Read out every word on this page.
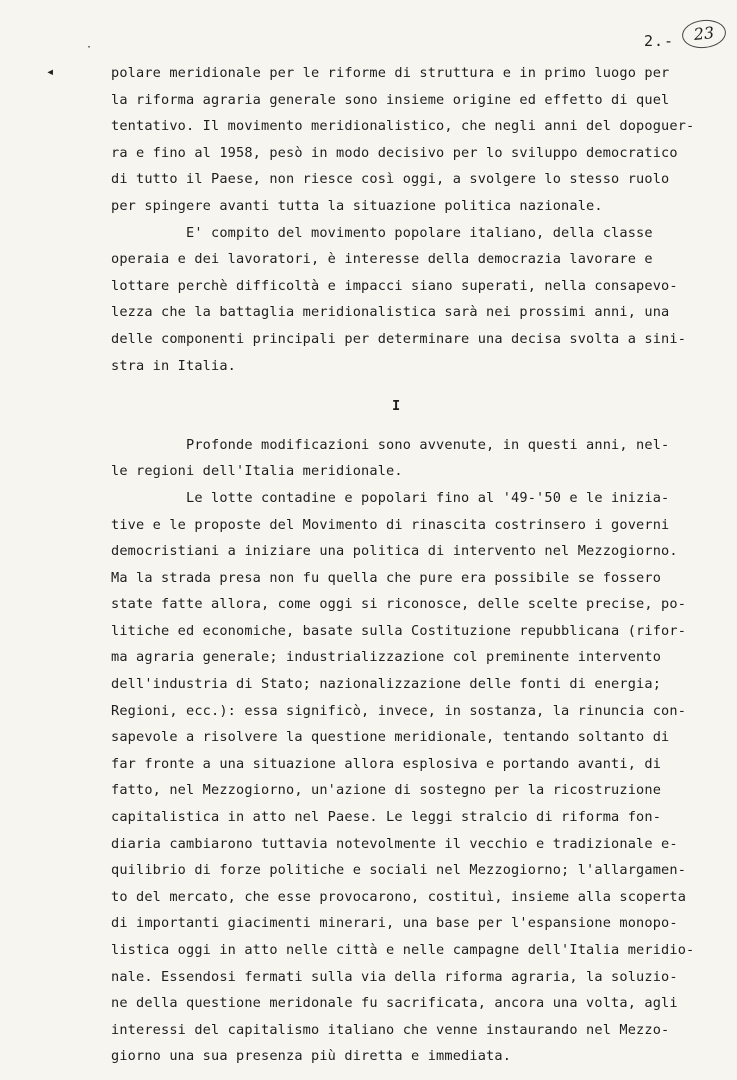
2.-	23
◂
·
polare meridionale per le riforme di struttura e in primo luogo per
la riforma agraria generale sono insieme origine ed effetto di quel
tentativo. Il movimento meridionalistico, che negli anni del dopoguer-
ra e fino al 1958, pesò in modo decisivo per lo sviluppo democratico
di tutto il Paese, non riesce così oggi, a svolgere lo stesso ruolo
per spingere avanti tutta la situazione politica nazionale.
E' compito del movimento popolare italiano, della classe
operaia e dei lavoratori, è interesse della democrazia lavorare e
lottare perchè difficoltà e impacci siano superati, nella consapevo-
lezza che la battaglia meridionalistica sarà nei prossimi anni, una
delle componenti principali per determinare una decisa svolta a sini-
stra in Italia.
I
Profonde modificazioni sono avvenute, in questi anni, nel-
le regioni dell'Italia meridionale.
Le lotte contadine e popolari fino al '49-'50 e le inizia-
tive e le proposte del Movimento di rinascita costrinsero i governi
democristiani a iniziare una politica di intervento nel Mezzogiorno.
Ma la strada presa non fu quella che pure era possibile se fossero
state fatte allora, come oggi si riconosce, delle scelte precise, po-
litiche ed economiche, basate sulla Costituzione repubblicana (rifor-
ma agraria generale; industrializzazione col preminente intervento
dell'industria di Stato; nazionalizzazione delle fonti di energia;
Regioni, ecc.): essa significò, invece, in sostanza, la rinuncia con-
sapevole a risolvere la questione meridionale, tentando soltanto di
far fronte a una situazione allora esplosiva e portando avanti, di
fatto, nel Mezzogiorno, un'azione di sostegno per la ricostruzione
capitalistica in atto nel Paese. Le leggi stralcio di riforma fon-
diaria cambiarono tuttavia notevolmente il vecchio e tradizionale e-
quilibrio di forze politiche e sociali nel Mezzogiorno; l'allargamen-
to del mercato, che esse provocarono, costituì, insieme alla scoperta
di importanti giacimenti minerari, una base per l'espansione monopo-
listica oggi in atto nelle città e nelle campagne dell'Italia meridio-
nale. Essendosi fermati sulla via della riforma agraria, la soluzio-
ne della questione meridonale fu sacrificata, ancora una volta, agli
interessi del capitalismo italiano che venne instaurando nel Mezzo-
giorno una sua presenza più diretta e immediata.
